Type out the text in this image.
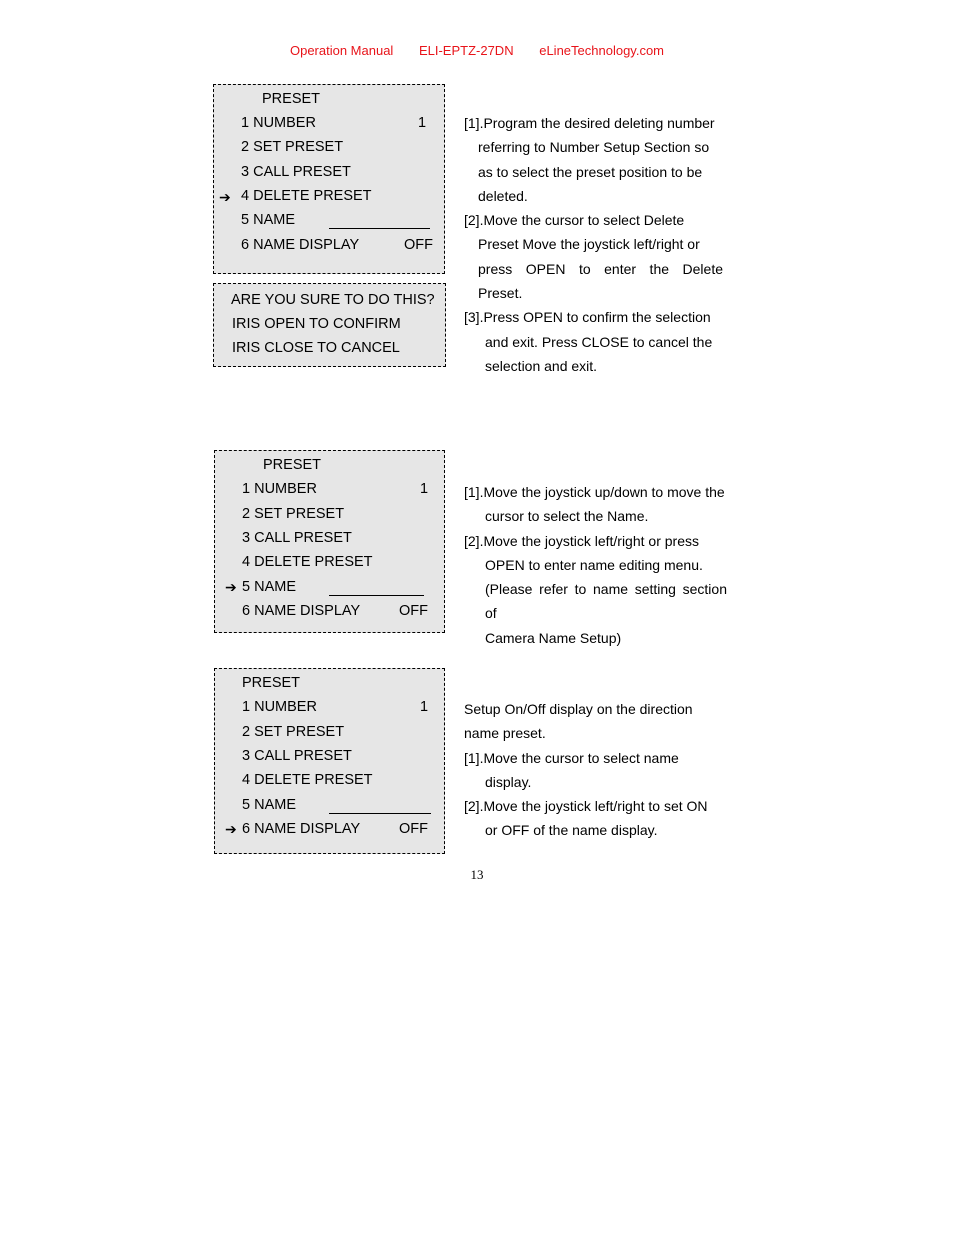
Operation Manual ELI-EPTZ-27DN eLineTechnology.com
PRESET
1 NUMBER	1
2 SET PRESET
3 CALL PRESET
➔ 4 DELETE PRESET
5 NAME
6 NAME DISPLAY	OFF
ARE YOU SURE TO DO THIS?
IRIS OPEN TO CONFIRM
IRIS CLOSE TO CANCEL

[1].Program the desired deleting number

referring to Number Setup Section so

as to select the preset position to be

deleted.

[2].Move the cursor to select Delete

Preset Move the joystick left/right or

press OPEN to enter the Delete Preset.

[3].Press OPEN to confirm the selection

and exit. Press CLOSE to cancel the

selection and exit.

PRESET
1 NUMBER	1
2 SET PRESET
3 CALL PRESET
4 DELETE PRESET
➔ 5 NAME
6 NAME DISPLAY	OFF

[1].Move the joystick up/down to move the

cursor to select the Name.

[2].Move the joystick left/right or press

OPEN to enter name editing menu.

(Please refer to name setting section of

Camera Name Setup)

PRESET
1 NUMBER	1
2 SET PRESET
3 CALL PRESET
4 DELETE PRESET
5 NAME
➔ 6 NAME DISPLAY	OFF

Setup On/Off display on the direction

name preset.

[1].Move the cursor to select name

display.

[2].Move the joystick left/right to set ON

or OFF of the name display.

13
